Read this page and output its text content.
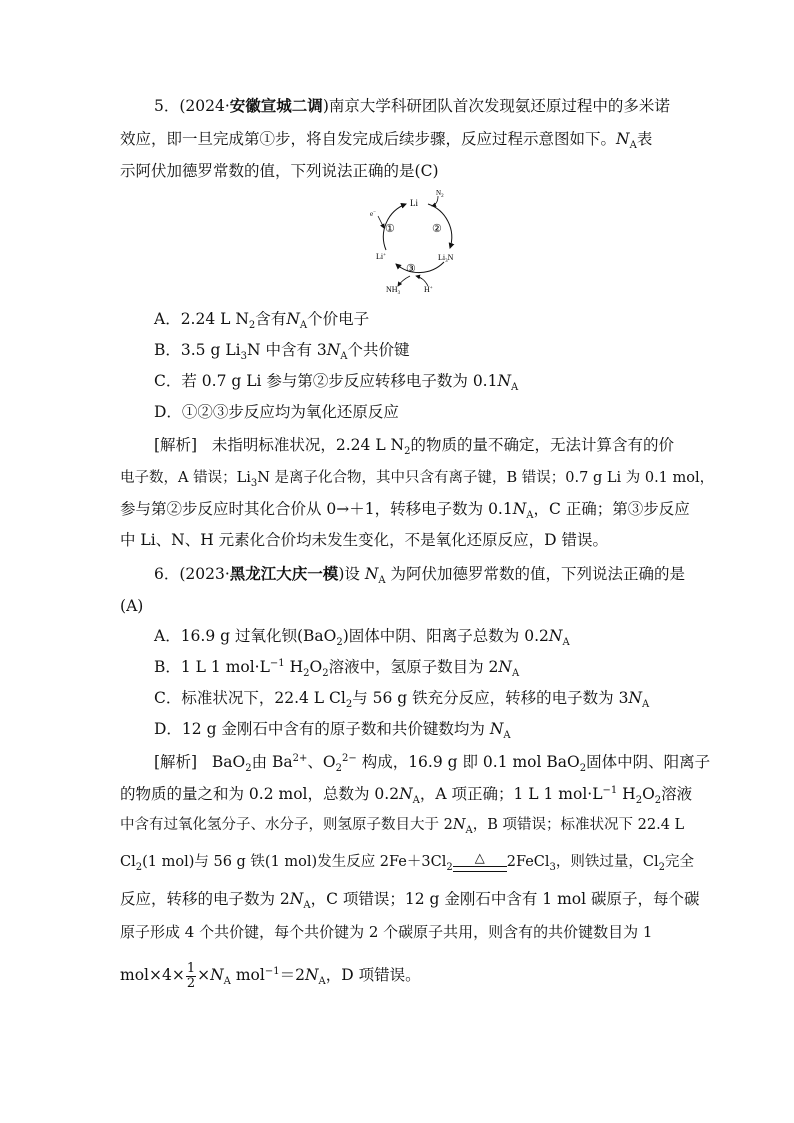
5．(2024·安徽宣城二调)南京大学科研团队首次发现氨还原过程中的多米诺
效应，即一旦完成第①步，将自发完成后续步骤，反应过程示意图如下。$N_A$表
示阿伏加德罗常数的值，下列说法正确的是(C)
Li
$N_2$
e−
①	②
③
Li+	$Li_3N$
$NH_3$	H+
A．2.24 L $N_2$含有$N_A$个价电子
B．3.5 g $Li_3N$ 中含有 $3N_A$个共价键
C．若 0.7 g Li 参与第②步反应转移电子数为 $0.1N_A$
D．①②③步反应均为氧化还原反应
[解析] 未指明标准状况，2.24 L $N_2$的物质的量不确定，无法计算含有的价
电子数，A 错误；$Li_3N$ 是离子化合物，其中只含有离子键，B 错误；0.7 g Li 为 0.1 mol，
参与第②步反应时其化合价从 0→＋1，转移电子数为 $0.1N_A$，C 正确；第③步反应
中 Li、N、H 元素化合价均未发生变化，不是氧化还原反应，D 错误。
6．(2023·黑龙江大庆一模)设 $N_A$ 为阿伏加德罗常数的值，下列说法正确的是
(A)
A．16.9 g 过氧化钡(BaO$_2$)固体中阴、阳离子总数为 $0.2N_A$
B．1 L 1 $mol\cdot L^{-1}$ $H_2O_2$溶液中，氢原子数目为 $2N_A$
C．标准状况下，22.4 L $Cl_2$与 56 g 铁充分反应，转移的电子数为 $3N_A$
D．12 g 金刚石中含有的原子数和共价键数均为 $N_A$
[解析] BaO$_2$由 $Ba^{2+}$、$O_2^{2-}$ 构成，16.9 g 即 0.1 mol BaO$_2$固体中阴、阳离子
的物质的量之和为 0.2 mol，总数为 $0.2N_A$，A 项正确；1 L 1 $mol\cdot L^{-1}$ $H_2O_2$溶液
中含有过氧化氢分子、水分子，则氢原子数目大于 $2N_A$，B 项错误；标准状况下 22.4 L
$Cl_2(1$ mol)与 56 g 铁(1 mol)发生反应 $2Fe+3Cl_2$
△	2FeCl$_3$，则铁过量，$Cl_2$完全
反应，转移的电子数为 $2N_A$，C 项错误；12 g 金刚石中含有 1 mol 碳原子，每个碳
原子形成 4 个共价键，每个共价键为 2 个碳原子共用，则含有的共价键数目为 1
$mol\times 4\times \frac{1}{2} \times N_A$ $mol^{-1}=2N_A$，D 项错误。
